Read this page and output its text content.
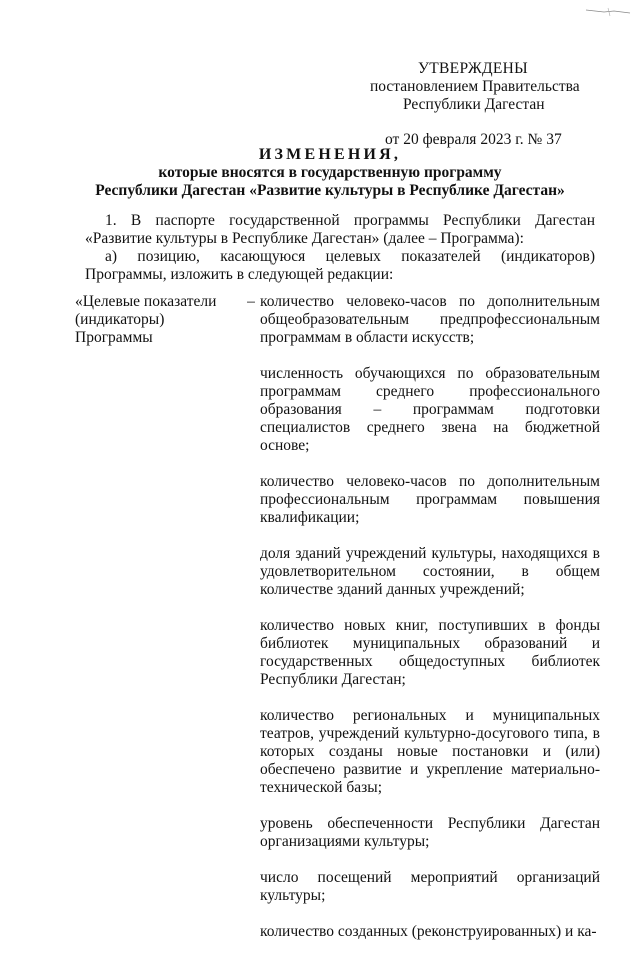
УТВЕРЖДЕНЫ
постановлением Правительства
Республики Дагестан
от 20 февраля 2023 г. № 37
ИЗМЕНЕНИЯ,
которые вносятся в государственную программу
Республики Дагестан «Развитие культуры в Республике Дагестан»

1. В паспорте государственной программы Республики Дагестан «Развитие культуры в Республике Дагестан» (далее – Программа):

а) позицию, касающуюся целевых показателей (индикаторов) Программы, изложить в следующей редакции:

«Целевые показатели (индикаторы) Программы
– количество человеко-часов по дополнительным общеобразовательным предпрофессиональным программам в области искусств;

численность обучающихся по образовательным программам среднего профессионального образования – программам подготовки специалистов среднего звена на бюджетной основе;

количество человеко-часов по дополнительным профессиональным программам повышения квалификации;

доля зданий учреждений культуры, находящихся в удовлетворительном состоянии, в общем количестве зданий данных учреждений;

количество новых книг, поступивших в фонды библиотек муниципальных образований и государственных общедоступных библиотек Республики Дагестан;

количество региональных и муниципальных театров, учреждений культурно-досугового типа, в которых созданы новые постановки и (или) обеспечено развитие и укрепление материально-технической базы;

уровень обеспеченности Республики Дагестан организациями культуры;

число посещений мероприятий организаций культуры;

количество созданных (реконструированных) и ка-
